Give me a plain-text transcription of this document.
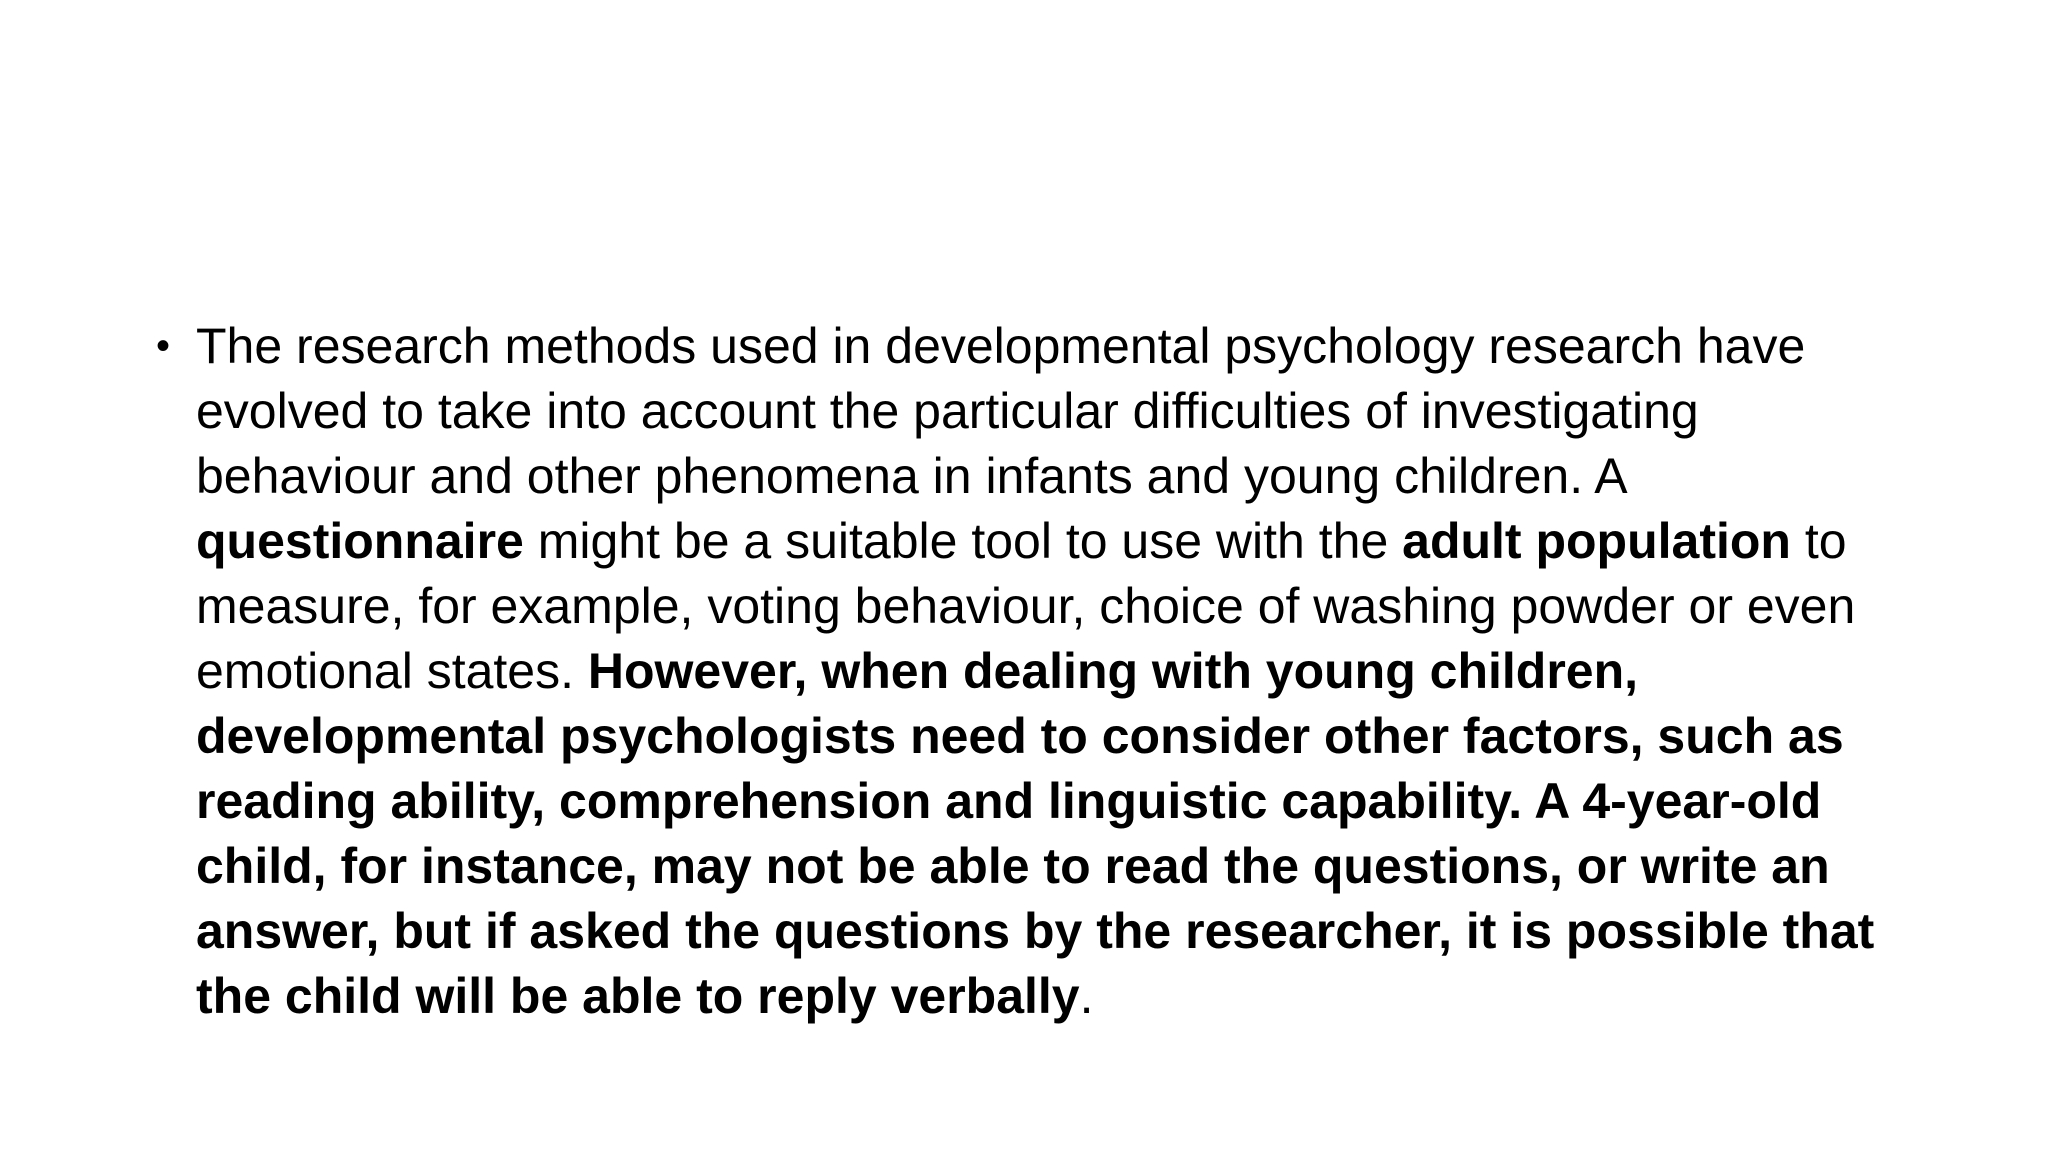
• The research methods used in developmental psychology research have evolved to take into account the particular difficulties of investigating behaviour and other phenomena in infants and young children. A questionnaire might be a suitable tool to use with the adult population to measure, for example, voting behaviour, choice of washing powder or even emotional states. However, when dealing with young children, developmental psychologists need to consider other factors, such as reading ability, comprehension and linguistic capability. A 4-year-old child, for instance, may not be able to read the questions, or write an answer, but if asked the questions by the researcher, it is possible that the child will be able to reply verbally.
